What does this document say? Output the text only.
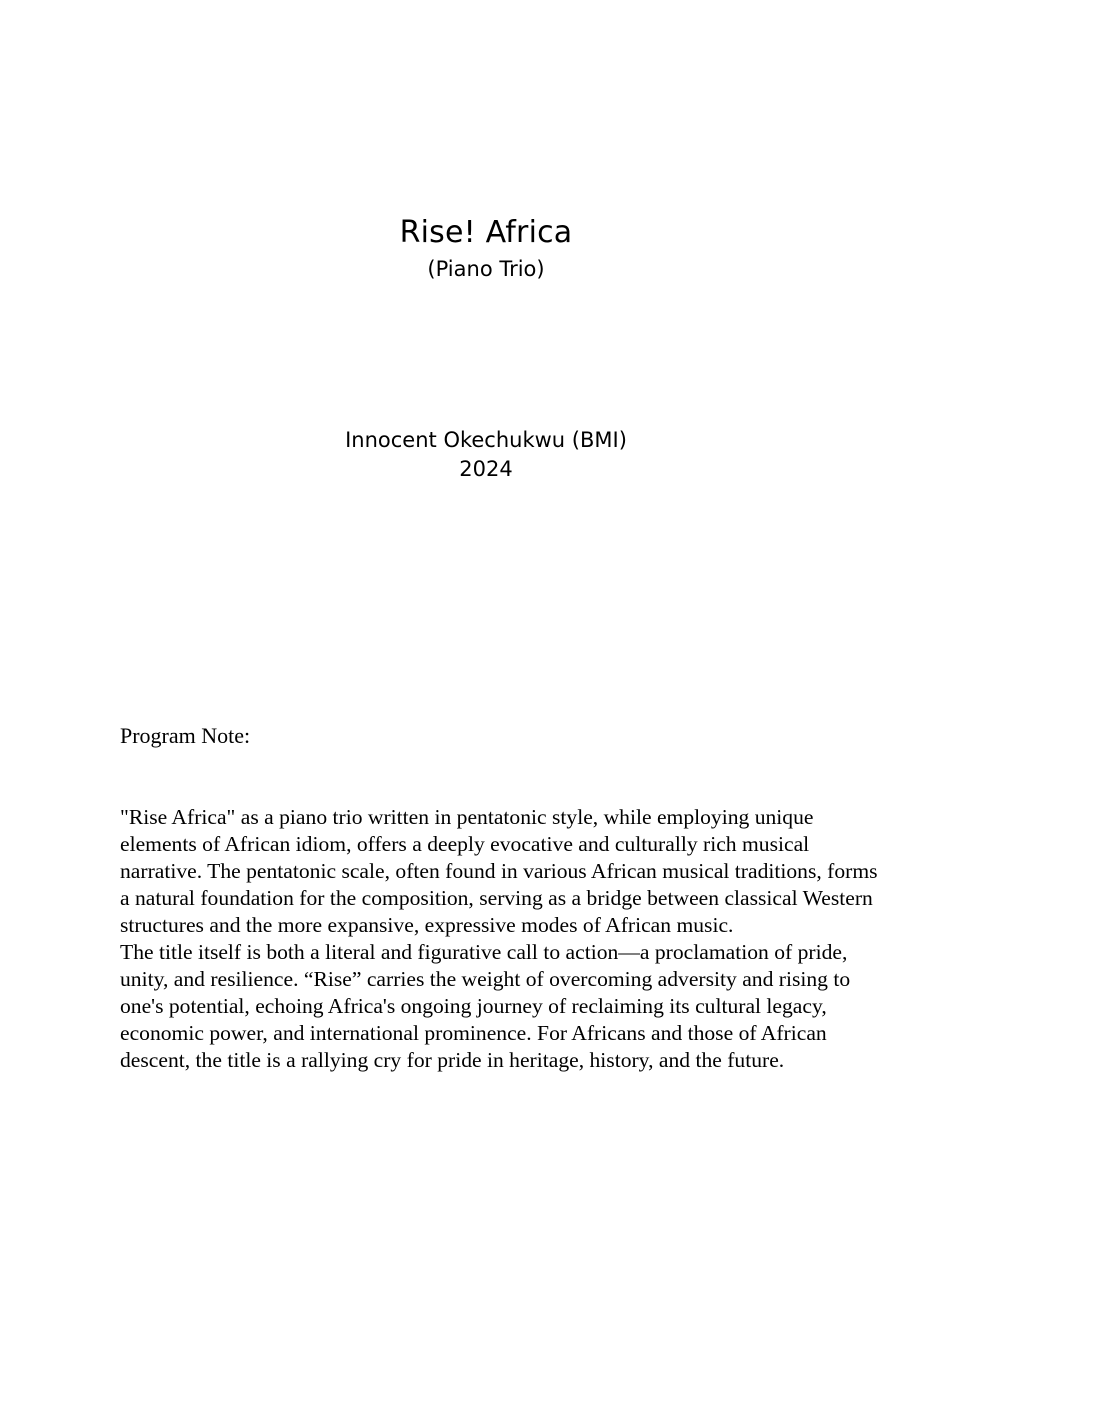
Rise! Africa
(Piano Trio)
Innocent Okechukwu (BMI)
2024
Program Note:

"Rise Africa" as a piano trio written in pentatonic style, while employing unique elements of African idiom, offers a deeply evocative and culturally rich musical narrative. The pentatonic scale, often found in various African musical traditions, forms a natural foundation for the composition, serving as a bridge between classical Western structures and the more expansive, expressive modes of African music.

The title itself is both a literal and figurative call to action—a proclamation of pride, unity, and resilience. “Rise” carries the weight of overcoming adversity and rising to one's potential, echoing Africa's ongoing journey of reclaiming its cultural legacy, economic power, and international prominence. For Africans and those of African descent, the title is a rallying cry for pride in heritage, history, and the future.
